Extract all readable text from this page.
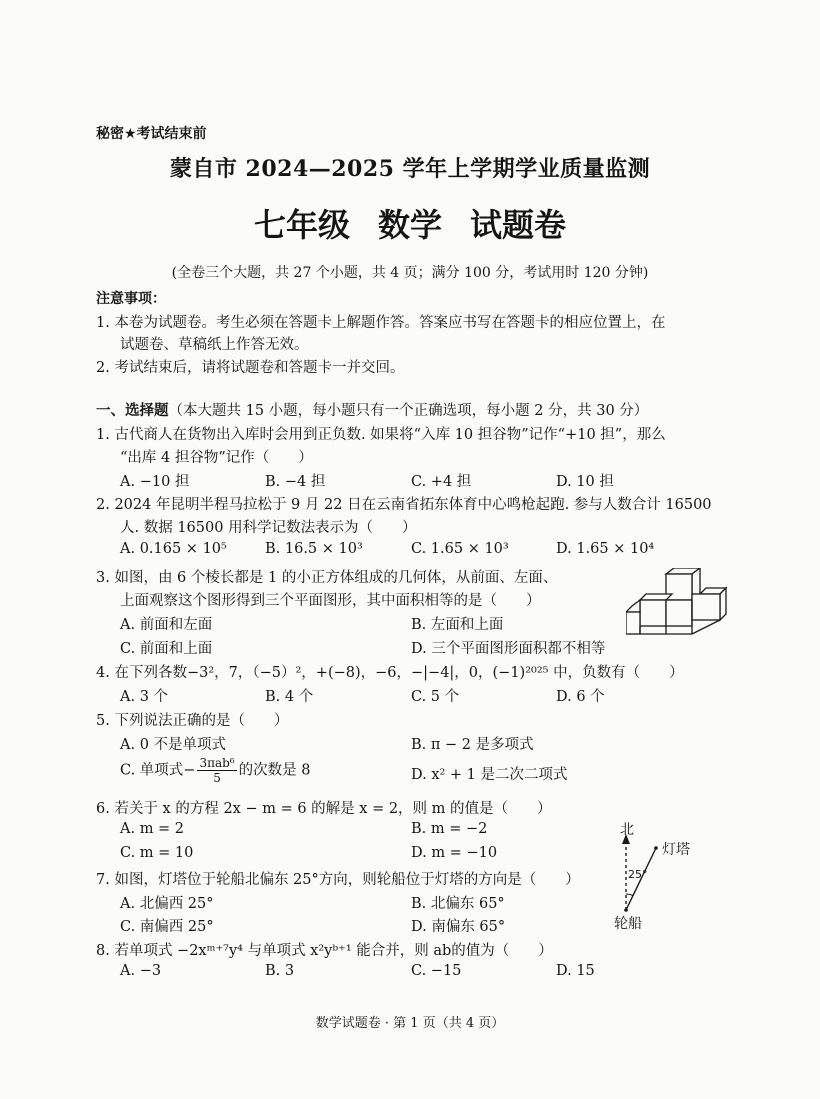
秘密★考试结束前
蒙自市 2024—2025 学年上学期学业质量监测
七年级 数学 试题卷
(全卷三个大题，共 27 个小题，共 4 页；满分 100 分，考试用时 120 分钟)
注意事项：
1. 本卷为试题卷。考生必须在答题卡上解题作答。答案应书写在答题卡的相应位置上，在
试题卷、草稿纸上作答无效。
2. 考试结束后，请将试题卷和答题卡一并交回。
一、选择题（本大题共 15 小题，每小题只有一个正确选项，每小题 2 分，共 30 分）
1. 古代商人在货物出入库时会用到正负数. 如果将“入库 10 担谷物”记作“+10 担”，那么
“出库 4 担谷物”记作（　　）
A. −10 担	B. −4 担	C. +4 担	D. 10 担
2. 2024 年昆明半程马拉松于 9 月 22 日在云南省拓东体育中心鸣枪起跑. 参与人数合计 16500
人. 数据 16500 用科学记数法表示为（　　）
A. 0.165 × 10⁵	B. 16.5 × 10³	C. 1.65 × 10³	D. 1.65 × 10⁴
3. 如图，由 6 个棱长都是 1 的小正方体组成的几何体，从前面、左面、
上面观察这个图形得到三个平面图形，其中面积相等的是（　　）
A. 前面和左面	B. 左面和上面
C. 前面和上面	D. 三个平面图形面积都不相等
4. 在下列各数−3²，7，（−5）²，+(−8)，−6，−|−4|，0，(−1)²⁰²⁵ 中，负数有（　　）
A. 3 个	B. 4 个	C. 5 个	D. 6 个
5. 下列说法正确的是（　　）
A. 0 不是单项式	B. π − 2 是多项式
C. 单项式− $\frac{\text{3πab⁶}}{5}$ 的次数是 8	D. x² + 1 是二次二项式
6. 若关于 x 的方程 2x − m = 6 的解是 x = 2，则 m 的值是（　　）
A. m = 2	B. m = −2
C. m = 10	D. m = −10
7. 如图，灯塔位于轮船北偏东 25°方向，则轮船位于灯塔的方向是（　　）
A. 北偏西 25°	B. 北偏东 65°
C. 南偏西 25°	D. 南偏东 65°
北
灯塔
25°
轮船
8. 若单项式 −2xᵐ⁺⁷y⁴ 与单项式 x²yᵇ⁺¹ 能合并，则 ab的值为（　　）
A. −3	B. 3	C. −15	D. 15
数学试题卷 · 第 1 页（共 4 页）
